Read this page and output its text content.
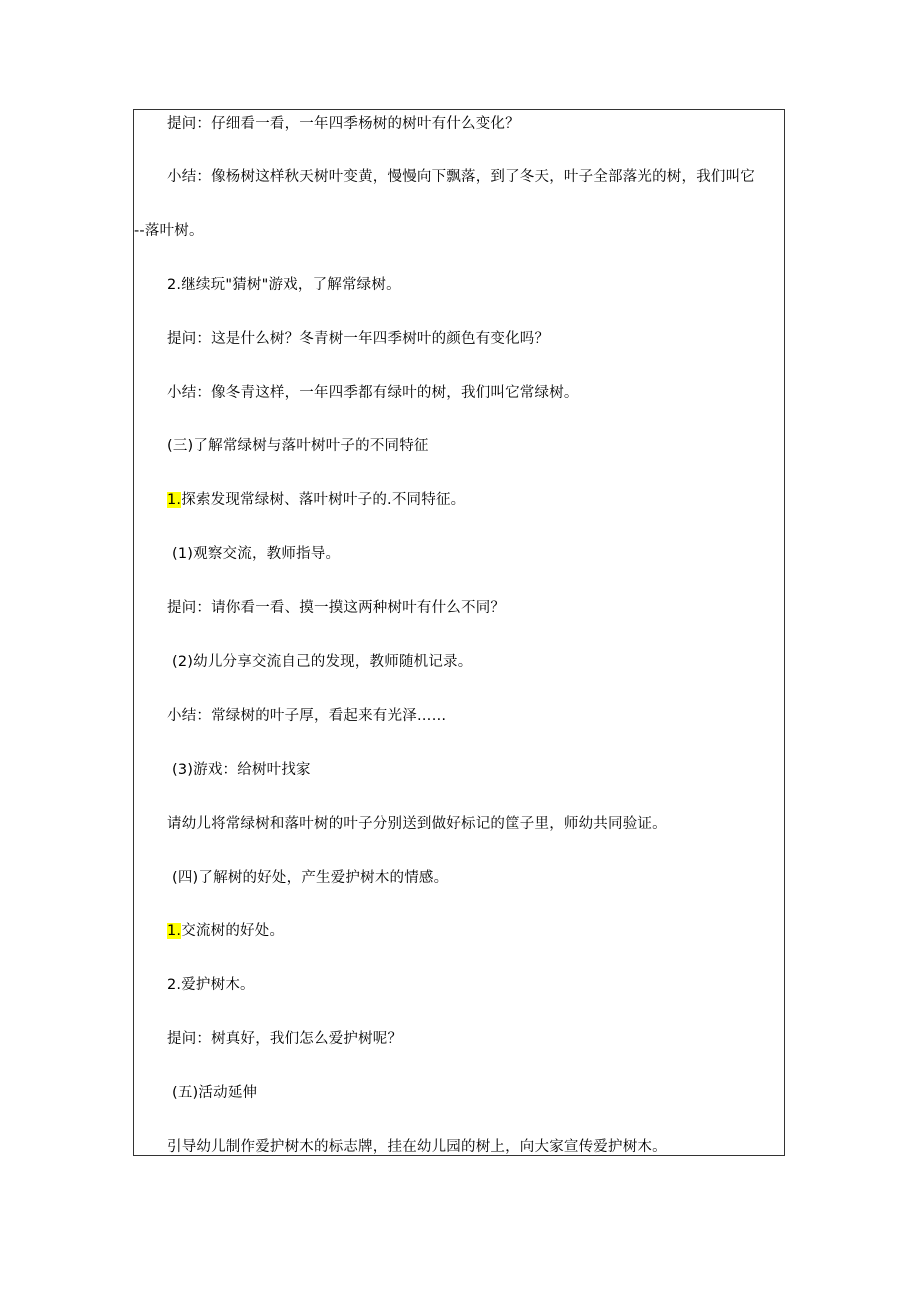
提问：仔细看一看，一年四季杨树的树叶有什么变化？
小结：像杨树这样秋天树叶变黄，慢慢向下飘落，到了冬天，叶子全部落光的树，我们叫它
--落叶树。
2.继续玩"猜树"游戏，了解常绿树。
提问：这是什么树？冬青树一年四季树叶的颜色有变化吗？
小结：像冬青这样，一年四季都有绿叶的树，我们叫它常绿树。
(三)了解常绿树与落叶树叶子的不同特征
1.探索发现常绿树、落叶树叶子的.不同特征。
(1)观察交流，教师指导。
提问：请你看一看、摸一摸这两种树叶有什么不同？
(2)幼儿分享交流自己的发现，教师随机记录。
小结：常绿树的叶子厚，看起来有光泽……
(3)游戏：给树叶找家
请幼儿将常绿树和落叶树的叶子分别送到做好标记的筐子里，师幼共同验证。
(四)了解树的好处，产生爱护树木的情感。
1.交流树的好处。
2.爱护树木。
提问：树真好，我们怎么爱护树呢？
(五)活动延伸
引导幼儿制作爱护树木的标志牌，挂在幼儿园的树上，向大家宣传爱护树木。
